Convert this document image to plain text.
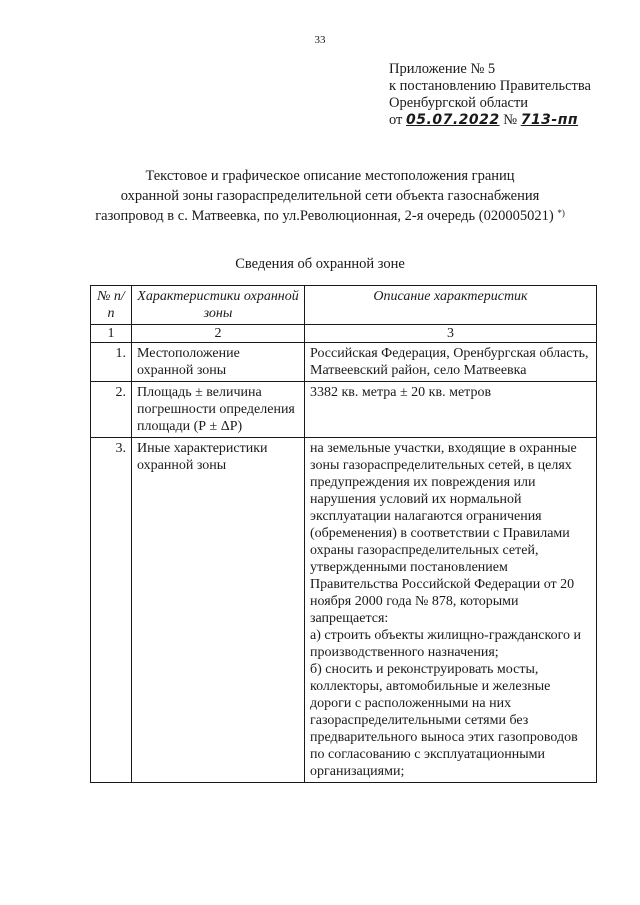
33
Приложение № 5
к постановлению Правительства
Оренбургской области
от 05.07.2022 № 713-пп
Текстовое и графическое описание местоположения границ
охранной зоны газораспределительной сети объекта газоснабжения
газопровод в с. Матвеевка, по ул.Революционная, 2-я очередь (020005021) *)
Сведения об охранной зоне
№ п/п	Характеристики охранной зоны	Описание характеристик
1	2	3
1.	Местоположение охранной зоны	Российская Федерация, Оренбургская область, Матвеевский район, село Матвеевка
2.	Площадь ± величина погрешности определения площади (Р ± ΔР)	3382 кв. метра ± 20 кв. метров
3.	Иные характеристики охранной зоны	на земельные участки, входящие в охранные зоны газораспределительных сетей, в целях предупреждения их повреждения или нарушения условий их нормальной эксплуатации налагаются ограничения (обременения) в соответствии с Правилами охраны газораспределительных сетей, утвержденными постановлением Правительства Российской Федерации от 20 ноября 2000 года № 878, которыми запрещается:
а) строить объекты жилищно-гражданского и производственного назначения;
б) сносить и реконструировать мосты, коллекторы, автомобильные и железные дороги с расположенными на них газораспределительными сетями без предварительного выноса этих газопроводов по согласованию с эксплуатационными организациями;
